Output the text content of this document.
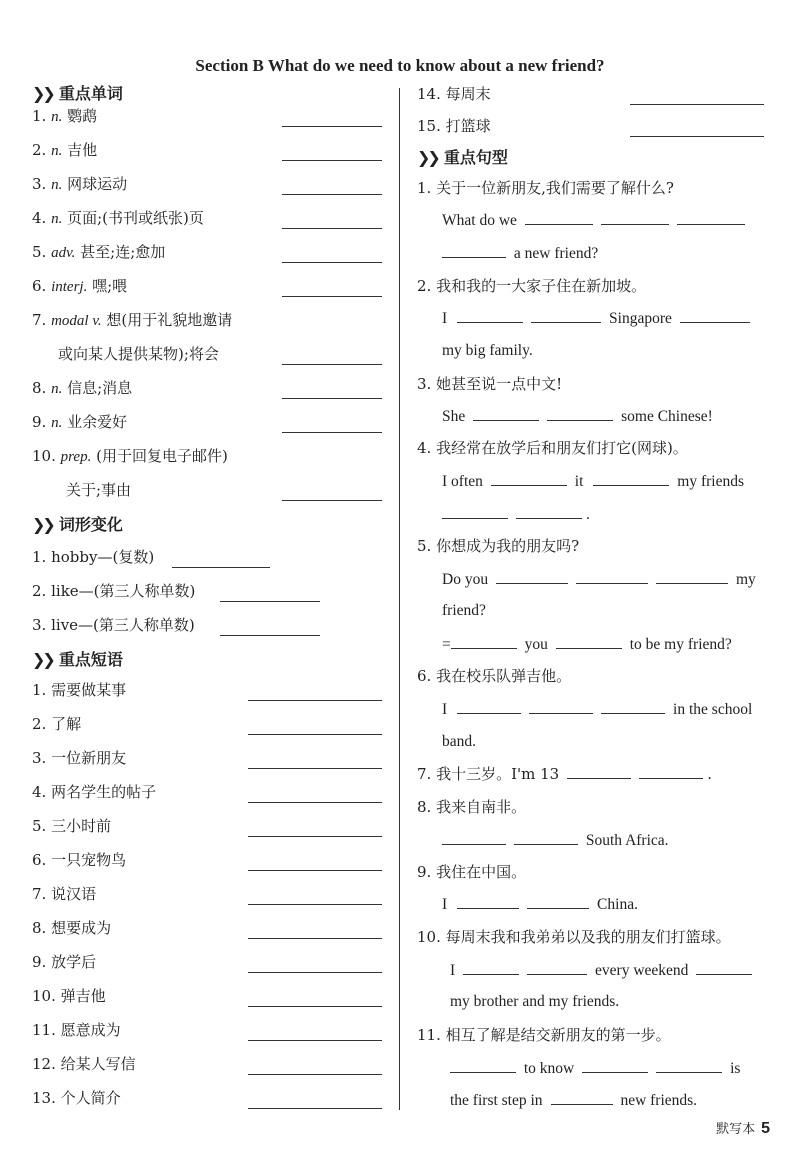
Section B What do we need to know about a new friend?
❯❯ 重点单词
1. n. 鹦鹉
2. n. 吉他
3. n. 网球运动
4. n. 页面;(书刊或纸张)页
5. adv. 甚至;连;愈加
6. interj. 嘿;喂
7. modal v. 想(用于礼貌地邀请
或向某人提供某物);将会
8. n. 信息;消息
9. n. 业余爱好
10. prep. (用于回复电子邮件)
关于;事由
❯❯ 词形变化
1. hobby—(复数)
2. like—(第三人称单数)
3. live—(第三人称单数)
❯❯ 重点短语
1. 需要做某事
2. 了解
3. 一位新朋友
4. 两名学生的帖子
5. 三小时前
6. 一只宠物鸟
7. 说汉语
8. 想要成为
9. 放学后
10. 弹吉他
11. 愿意成为
12. 给某人写信
13. 个人简介
14. 每周末
15. 打篮球
❯❯ 重点句型
1. 关于一位新朋友,我们需要了解什么?
What do we
a new friend?
2. 我和我的一大家子住在新加坡。
I	Singapore
my big family.
3. 她甚至说一点中文!
She	some Chinese!
4. 我经常在放学后和朋友们打它(网球)。
I often	it	my friends
.
5. 你想成为我的朋友吗?
Do you	my
friend?
=	you	to be my friend?
6. 我在校乐队弹吉他。
I	in the school
band.
7. 我十三岁。I'm 13	.
8. 我来自南非。
South Africa.
9. 我住在中国。
I	China.
10. 每周末我和我弟弟以及我的朋友们打篮球。
I	every weekend
my brother and my friends.
11. 相互了解是结交新朋友的第一步。
to know	is
the first step in	new friends.
默写本 5
